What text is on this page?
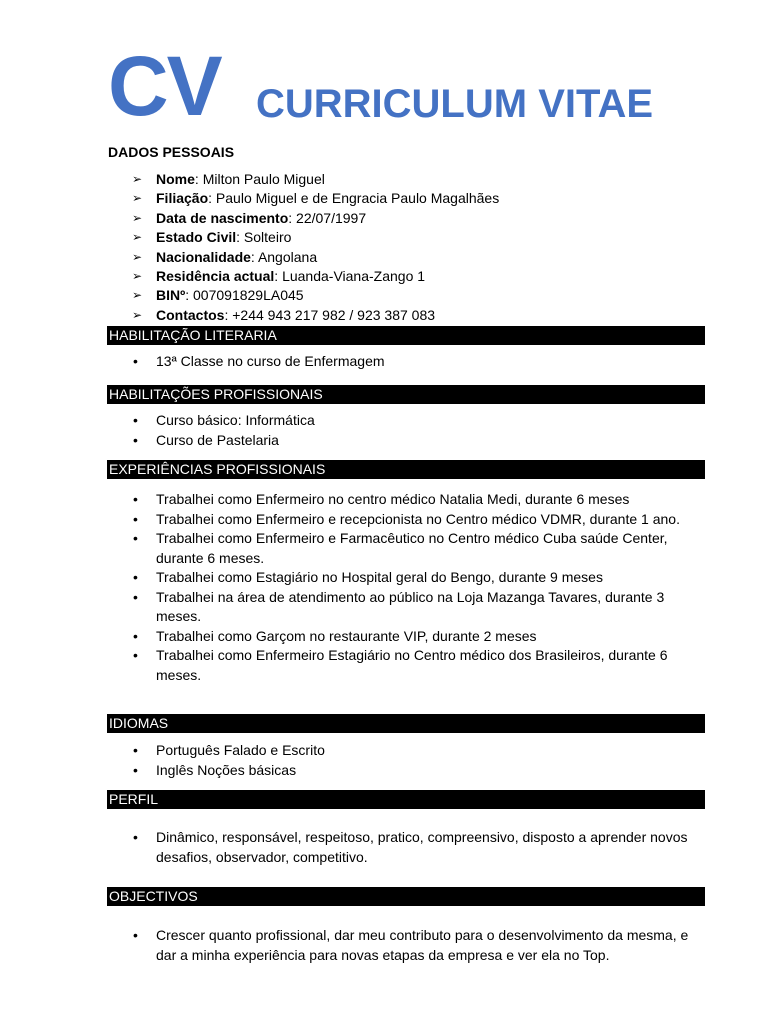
CV CURRICULUM VITAE
DADOS PESSOAIS
➢ Nome: Milton Paulo Miguel
➢ Filiação: Paulo Miguel e de Engracia Paulo Magalhães
➢ Data de nascimento: 22/07/1997
➢ Estado Civil: Solteiro
➢ Nacionalidade: Angolana
➢ Residência actual: Luanda-Viana-Zango 1
➢ BINº: 007091829LA045
➢ Contactos: +244 943 217 982 / 923 387 083
HABILITAÇÃO LITERARIA
• 13ª Classe no curso de Enfermagem
HABILITAÇÕES PROFISSIONAIS
• Curso básico: Informática
• Curso de Pastelaria
EXPERIÊNCIAS PROFISSIONAIS
• Trabalhei como Enfermeiro no centro médico Natalia Medi, durante 6 meses
• Trabalhei como Enfermeiro e recepcionista no Centro médico VDMR, durante 1 ano.
• Trabalhei como Enfermeiro e Farmacêutico no Centro médico Cuba saúde Center, durante 6 meses.
• Trabalhei como Estagiário no Hospital geral do Bengo, durante 9 meses
• Trabalhei na área de atendimento ao público na Loja Mazanga Tavares, durante 3 meses.
• Trabalhei como Garçom no restaurante VIP, durante 2 meses
• Trabalhei como Enfermeiro Estagiário no Centro médico dos Brasileiros, durante 6 meses.
IDIOMAS
• Português Falado e Escrito
• Inglês Noções básicas
PERFIL
• Dinâmico, responsável, respeitoso, pratico, compreensivo, disposto a aprender novos desafios, observador, competitivo.
OBJECTIVOS
• Crescer quanto profissional, dar meu contributo para o desenvolvimento da mesma, e dar a minha experiência para novas etapas da empresa e ver ela no Top.
